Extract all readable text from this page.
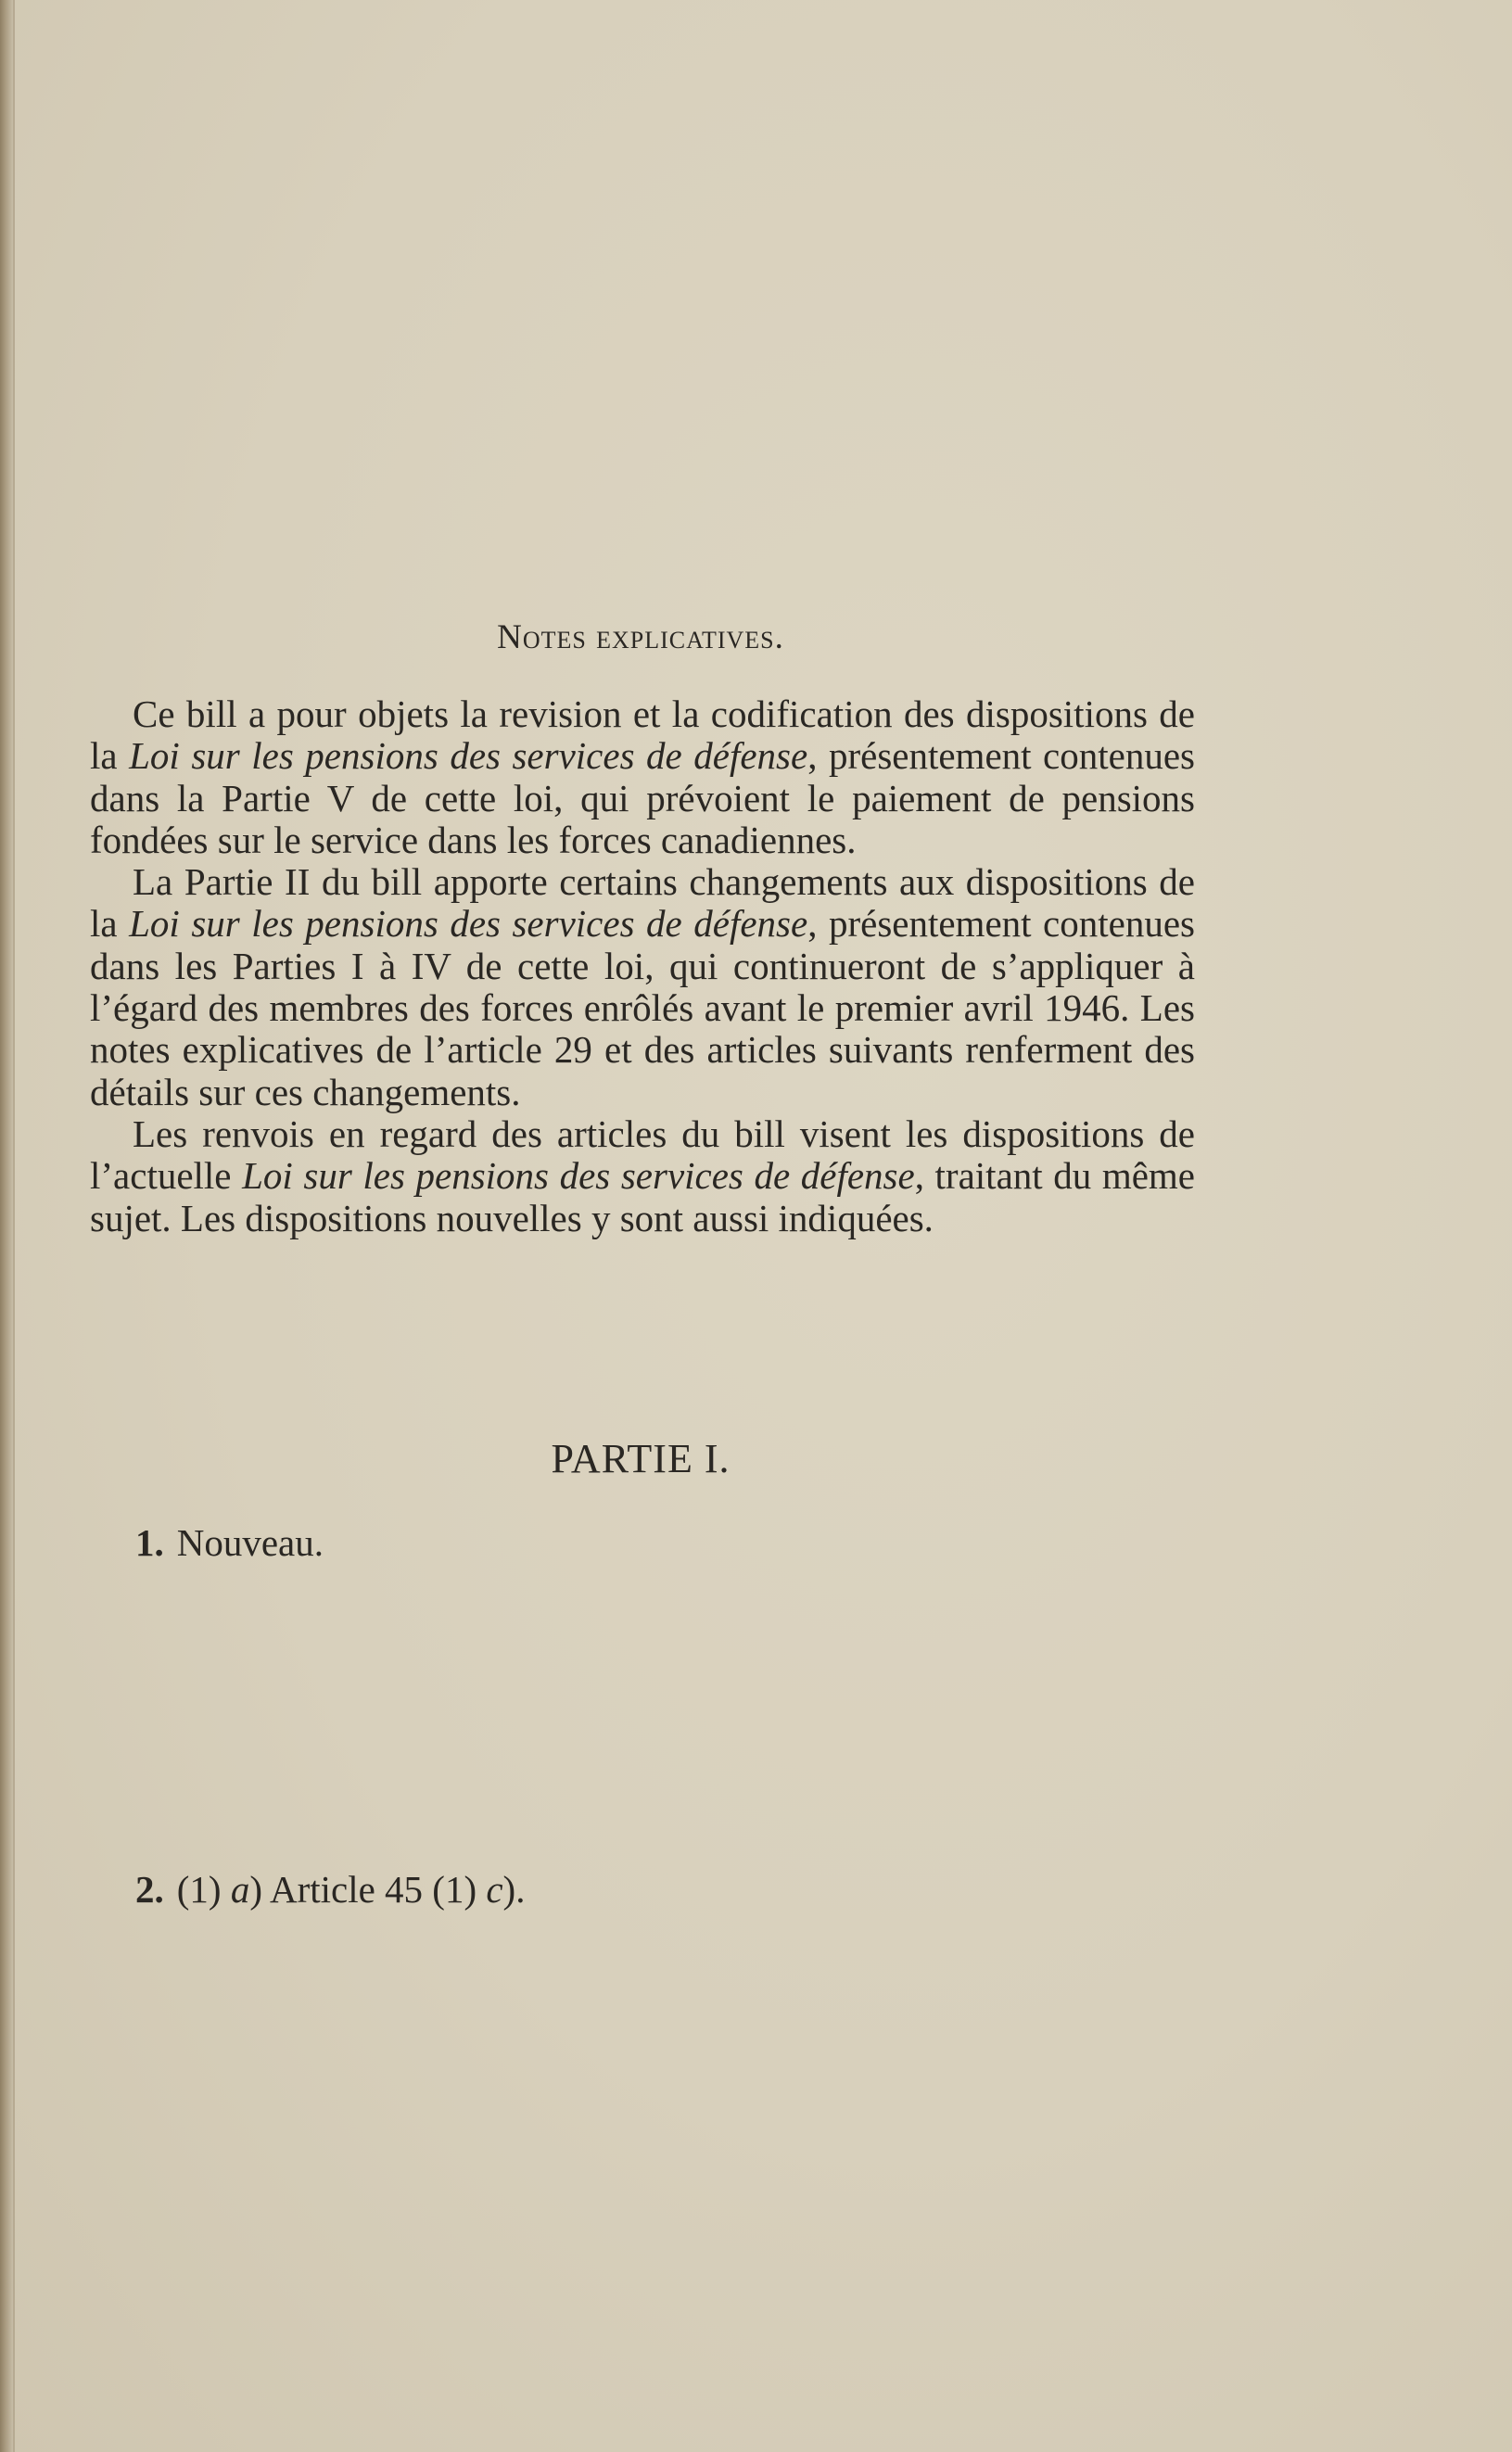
Notes explicatives.

Ce bill a pour objets la revision et la codification des dispositions de la Loi sur les pensions des services de défense, présentement contenues dans la Partie V de cette loi, qui prévoient le paiement de pensions fondées sur le service dans les forces canadiennes.

La Partie II du bill apporte certains changements aux dispositions de la Loi sur les pensions des services de défense, présentement contenues dans les Parties I à IV de cette loi, qui continueront de s’appliquer à l’égard des membres des forces enrôlés avant le premier avril 1946. Les notes explicatives de l’article 29 et des articles suivants renferment des détails sur ces changements.

Les renvois en regard des articles du bill visent les dispositions de l’actuelle Loi sur les pensions des services de défense, traitant du même sujet. Les dispositions nouvelles y sont aussi indiquées.

PARTIE I.
1. Nouveau.
2. (1) a) Article 45 (1) c).
